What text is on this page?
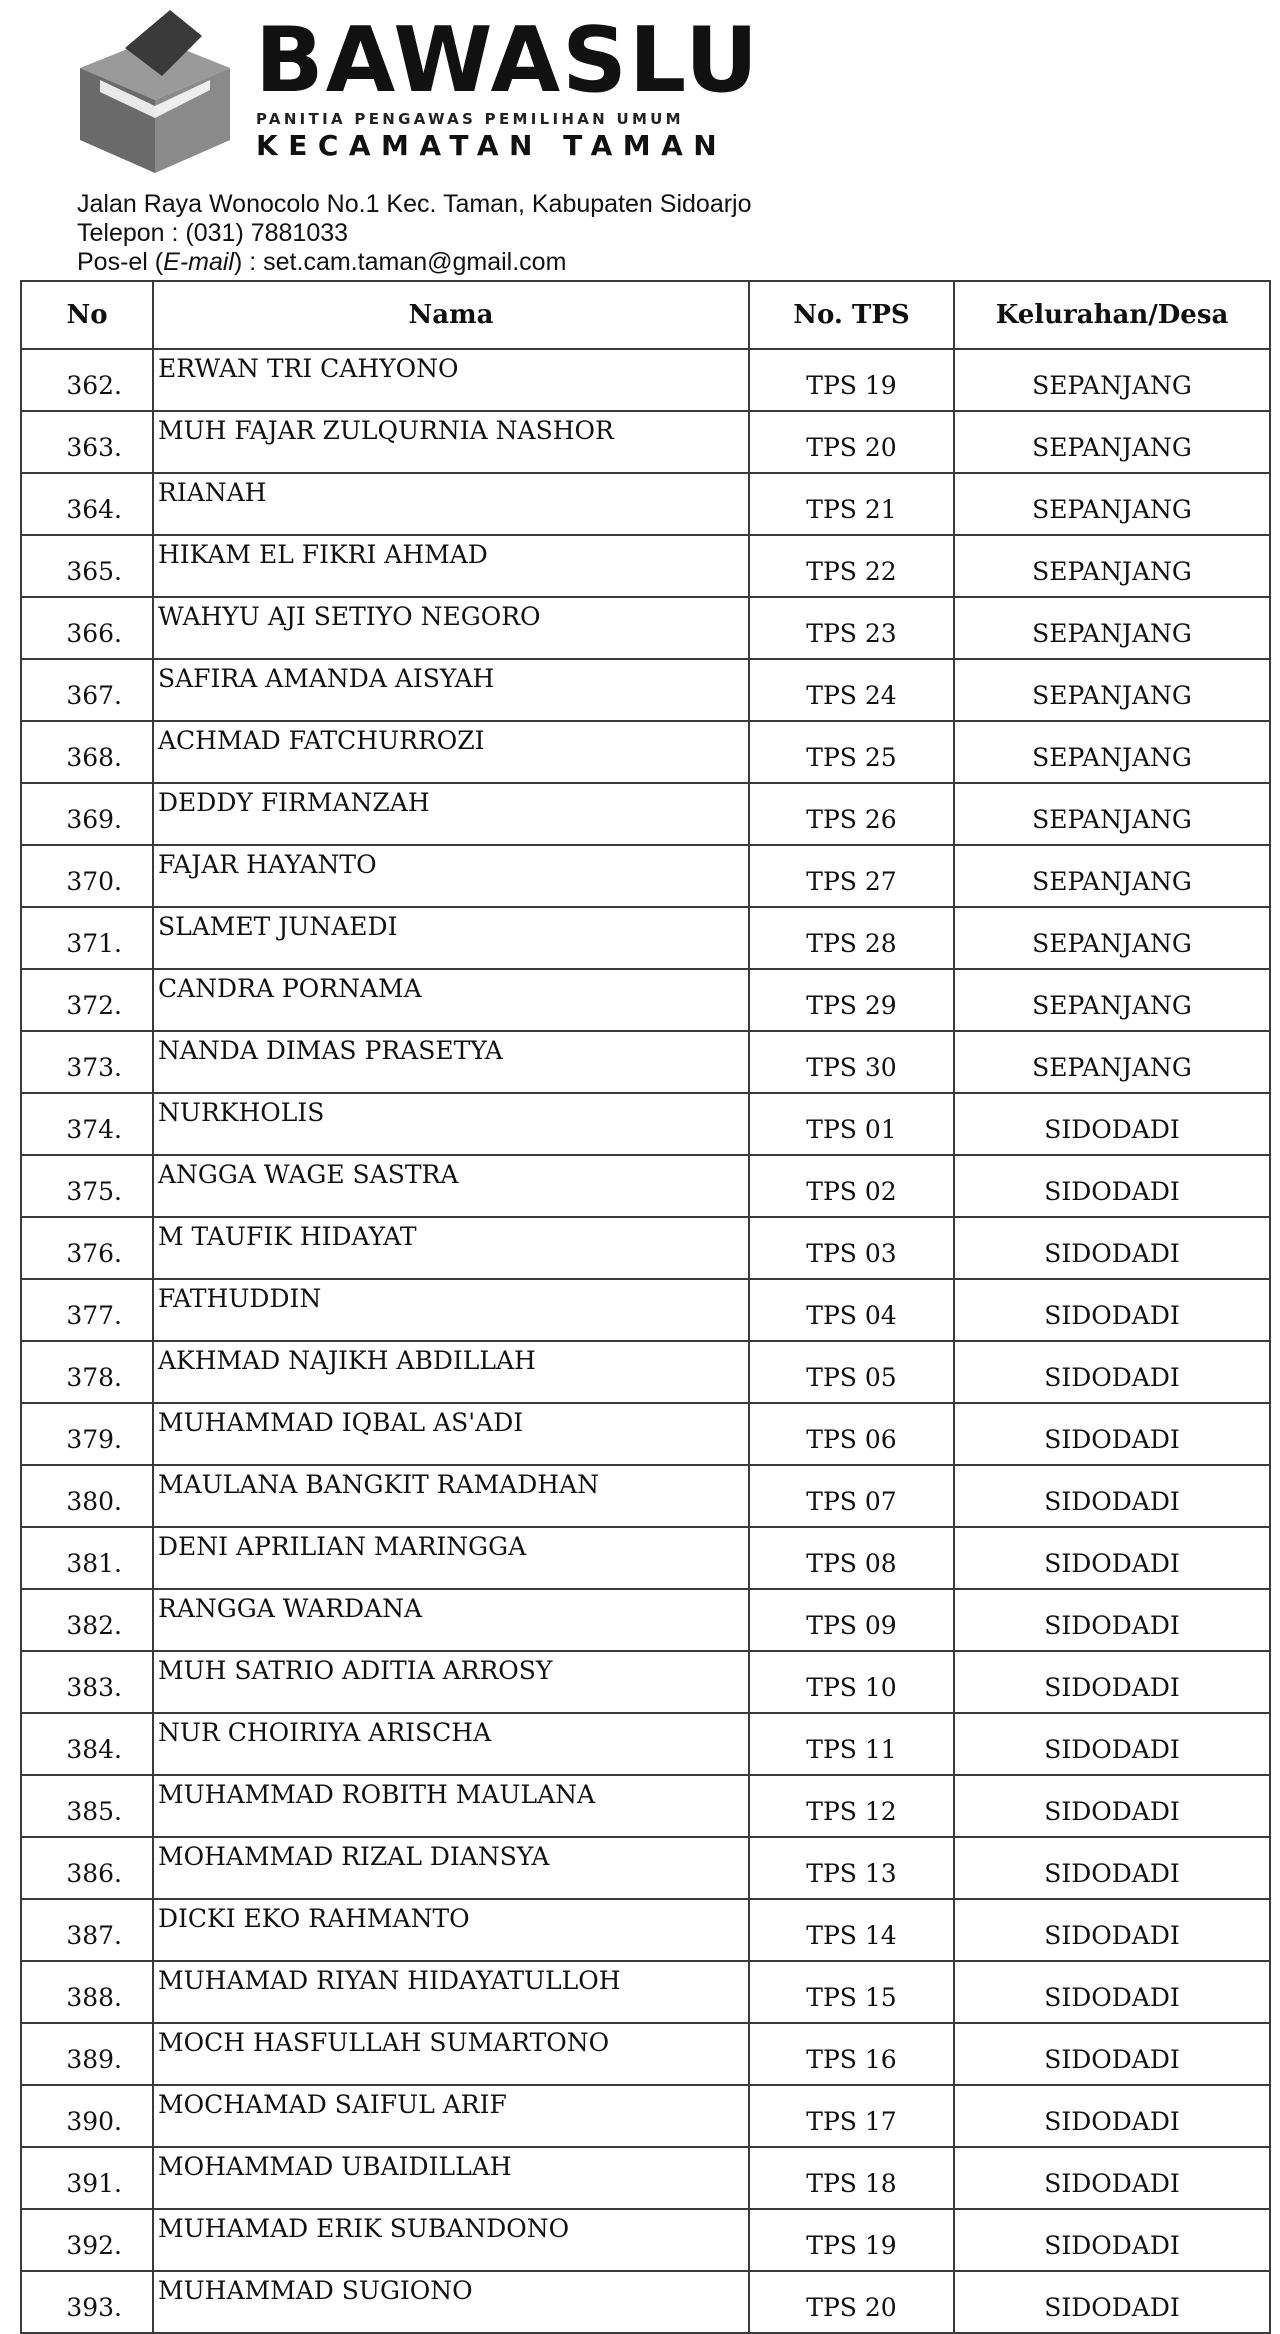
BAWASLU
PANITIA PENGAWAS PEMILIHAN UMUM
KECAMATAN TAMAN
Jalan Raya Wonocolo No.1 Kec. Taman, Kabupaten Sidoarjo
Telepon : (031) 7881033
Pos-el (E-mail) : set.cam.taman@gmail.com
No	Nama	No. TPS	Kelurahan/Desa
362.	ERWAN TRI CAHYONO	TPS 19	SEPANJANG
363.	MUH FAJAR ZULQURNIA NASHOR	TPS 20	SEPANJANG
364.	RIANAH	TPS 21	SEPANJANG
365.	HIKAM EL FIKRI AHMAD	TPS 22	SEPANJANG
366.	WAHYU AJI SETIYO NEGORO	TPS 23	SEPANJANG
367.	SAFIRA AMANDA AISYAH	TPS 24	SEPANJANG
368.	ACHMAD FATCHURROZI	TPS 25	SEPANJANG
369.	DEDDY FIRMANZAH	TPS 26	SEPANJANG
370.	FAJAR HAYANTO	TPS 27	SEPANJANG
371.	SLAMET JUNAEDI	TPS 28	SEPANJANG
372.	CANDRA PORNAMA	TPS 29	SEPANJANG
373.	NANDA DIMAS PRASETYA	TPS 30	SEPANJANG
374.	NURKHOLIS	TPS 01	SIDODADI
375.	ANGGA WAGE SASTRA	TPS 02	SIDODADI
376.	M TAUFIK HIDAYAT	TPS 03	SIDODADI
377.	FATHUDDIN	TPS 04	SIDODADI
378.	AKHMAD NAJIKH ABDILLAH	TPS 05	SIDODADI
379.	MUHAMMAD IQBAL AS'ADI	TPS 06	SIDODADI
380.	MAULANA BANGKIT RAMADHAN	TPS 07	SIDODADI
381.	DENI APRILIAN MARINGGA	TPS 08	SIDODADI
382.	RANGGA WARDANA	TPS 09	SIDODADI
383.	MUH SATRIO ADITIA ARROSY	TPS 10	SIDODADI
384.	NUR CHOIRIYA ARISCHA	TPS 11	SIDODADI
385.	MUHAMMAD ROBITH MAULANA	TPS 12	SIDODADI
386.	MOHAMMAD RIZAL DIANSYA	TPS 13	SIDODADI
387.	DICKI EKO RAHMANTO	TPS 14	SIDODADI
388.	MUHAMAD RIYAN HIDAYATULLOH	TPS 15	SIDODADI
389.	MOCH HASFULLAH SUMARTONO	TPS 16	SIDODADI
390.	MOCHAMAD SAIFUL ARIF	TPS 17	SIDODADI
391.	MOHAMMAD UBAIDILLAH	TPS 18	SIDODADI
392.	MUHAMAD ERIK SUBANDONO	TPS 19	SIDODADI
393.	MUHAMMAD SUGIONO	TPS 20	SIDODADI
